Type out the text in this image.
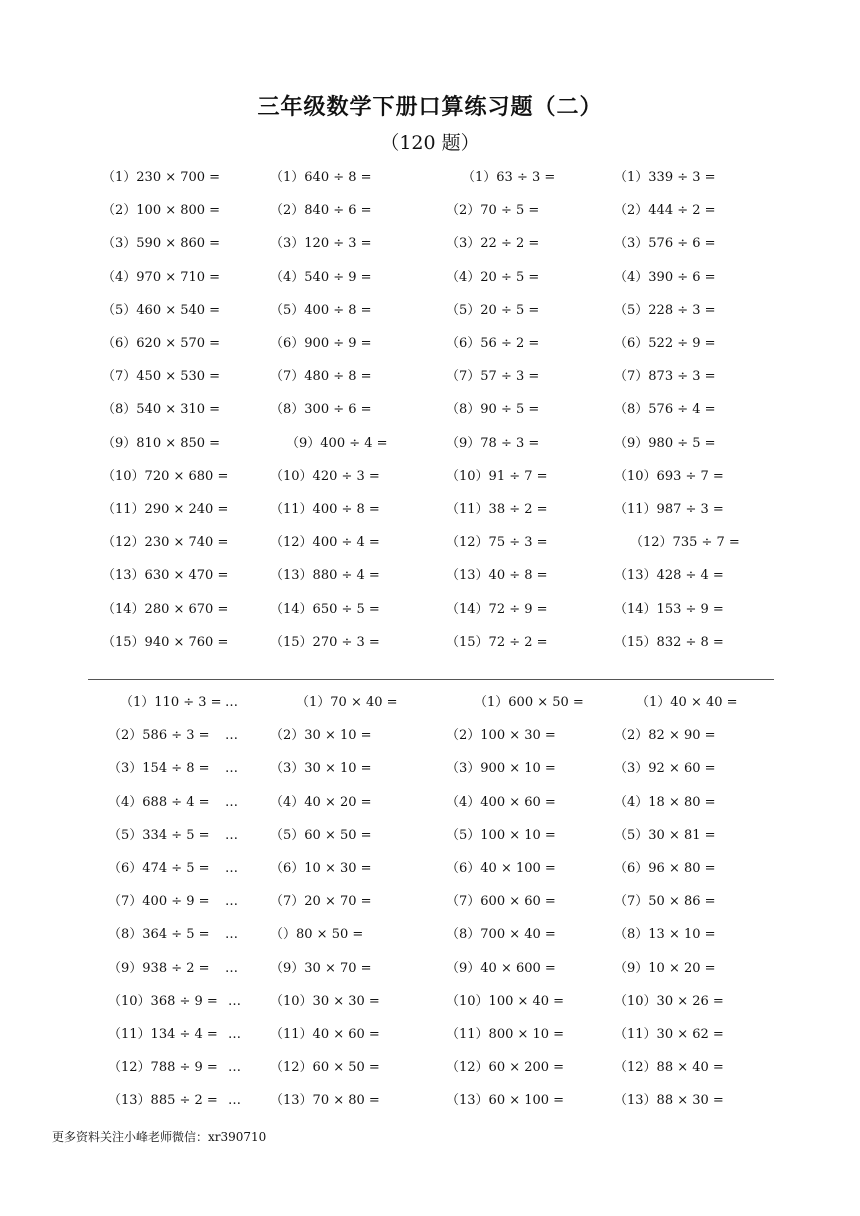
三年级数学下册口算练习题（二）
（120 题）
（1）230 × 700 =
（2）100 × 800 =
（3）590 × 860 =
（4）970 × 710 =
（5）460 × 540 =
（6）620 × 570 =
（7）450 × 530 =
（8）540 × 310 =
（9）810 × 850 =
（10）720 × 680 =
（11）290 × 240 =
（12）230 × 740 =
（13）630 × 470 =
（14）280 × 670 =
（15）940 × 760 =
（1）640 ÷ 8 =
（2）840 ÷ 6 =
（3）120 ÷ 3 =
（4）540 ÷ 9 =
（5）400 ÷ 8 =
（6）900 ÷ 9 =
（7）480 ÷ 8 =
（8）300 ÷ 6 =
（9）400 ÷ 4 =
（10）420 ÷ 3 =
（11）400 ÷ 8 =
（12）400 ÷ 4 =
（13）880 ÷ 4 =
（14）650 ÷ 5 =
（15）270 ÷ 3 =
（1）63 ÷ 3 =
（2）70 ÷ 5 =
（3）22 ÷ 2 =
（4）20 ÷ 5 =
（5）20 ÷ 5 =
（6）56 ÷ 2 =
（7）57 ÷ 3 =
（8）90 ÷ 5 =
（9）78 ÷ 3 =
（10）91 ÷ 7 =
（11）38 ÷ 2 =
（12）75 ÷ 3 =
（13）40 ÷ 8 =
（14）72 ÷ 9 =
（15）72 ÷ 2 =
（1）339 ÷ 3 =
（2）444 ÷ 2 =
（3）576 ÷ 6 =
（4）390 ÷ 6 =
（5）228 ÷ 3 =
（6）522 ÷ 9 =
（7）873 ÷ 3 =
（8）576 ÷ 4 =
（9）980 ÷ 5 =
（10）693 ÷ 7 =
（11）987 ÷ 3 =
（12）735 ÷ 7 =
（13）428 ÷ 4 =
（14）153 ÷ 9 =
（15）832 ÷ 8 =
（1）110 ÷ 3 =
（2）586 ÷ 3 =
（3）154 ÷ 8 =
（4）688 ÷ 4 =
（5）334 ÷ 5 =
（6）474 ÷ 5 =
（7）400 ÷ 9 =
（8）364 ÷ 5 =
（9）938 ÷ 2 =
（10）368 ÷ 9 =
（11）134 ÷ 4 =
（12）788 ÷ 9 =
（13）885 ÷ 2 =
（1）70 × 40 =
（2）30 × 10 =
（3）30 × 10 =
（4）40 × 20 =
（5）60 × 50 =
（6）10 × 30 =
（7）20 × 70 =
（）80 × 50 =
（9）30 × 70 =
（10）30 × 30 =
（11）40 × 60 =
（12）60 × 50 =
（13）70 × 80 =
（1）600 × 50 =
（2）100 × 30 =
（3）900 × 10 =
（4）400 × 60 =
（5）100 × 10 =
（6）40 × 100 =
（7）600 × 60 =
（8）700 × 40 =
（9）40 × 600 =
（10）100 × 40 =
（11）800 × 10 =
（12）60 × 200 =
（13）60 × 100 =
（1）40 × 40 =
（2）82 × 90 =
（3）92 × 60 =
（4）18 × 80 =
（5）30 × 81 =
（6）96 × 80 =
（7）50 × 86 =
（8）13 × 10 =
（9）10 × 20 =
（10）30 × 26 =
（11）30 × 62 =
（12）88 × 40 =
（13）88 × 30 =
…
…
…
…
…
…
…
…
…
…
…
…
…
更多资料关注小峰老师微信：xr390710
